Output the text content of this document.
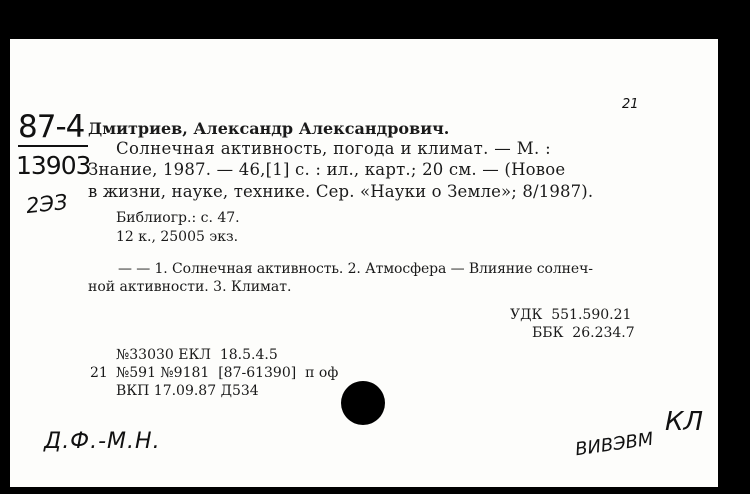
21
87-4
13903
2ЭЗ
Дмитриев, Александр Александрович.
Солнечная активность, погода и климат. — М. :
Знание, 1987. — 46,[1] с. : ил., карт.; 20 см. — (Новое
в жизни, науке, технике. Сер. «Науки о Земле»; 8/1987).
Библиогр.: с. 47.
12 к., 25005 экз.
— — 1. Солнечная активность. 2. Атмосфера — Влияние солнеч-
ной активности. 3. Климат.
УДК  551.590.21
ББК  26.234.7
№33030 ЕКЛ  18.5.4.5
21 №591 №9181  [87-61390]  п оф
ВКП 17.09.87 Д534
Д.Ф.-М.Н.	ВИВЭВМ
КЛ
